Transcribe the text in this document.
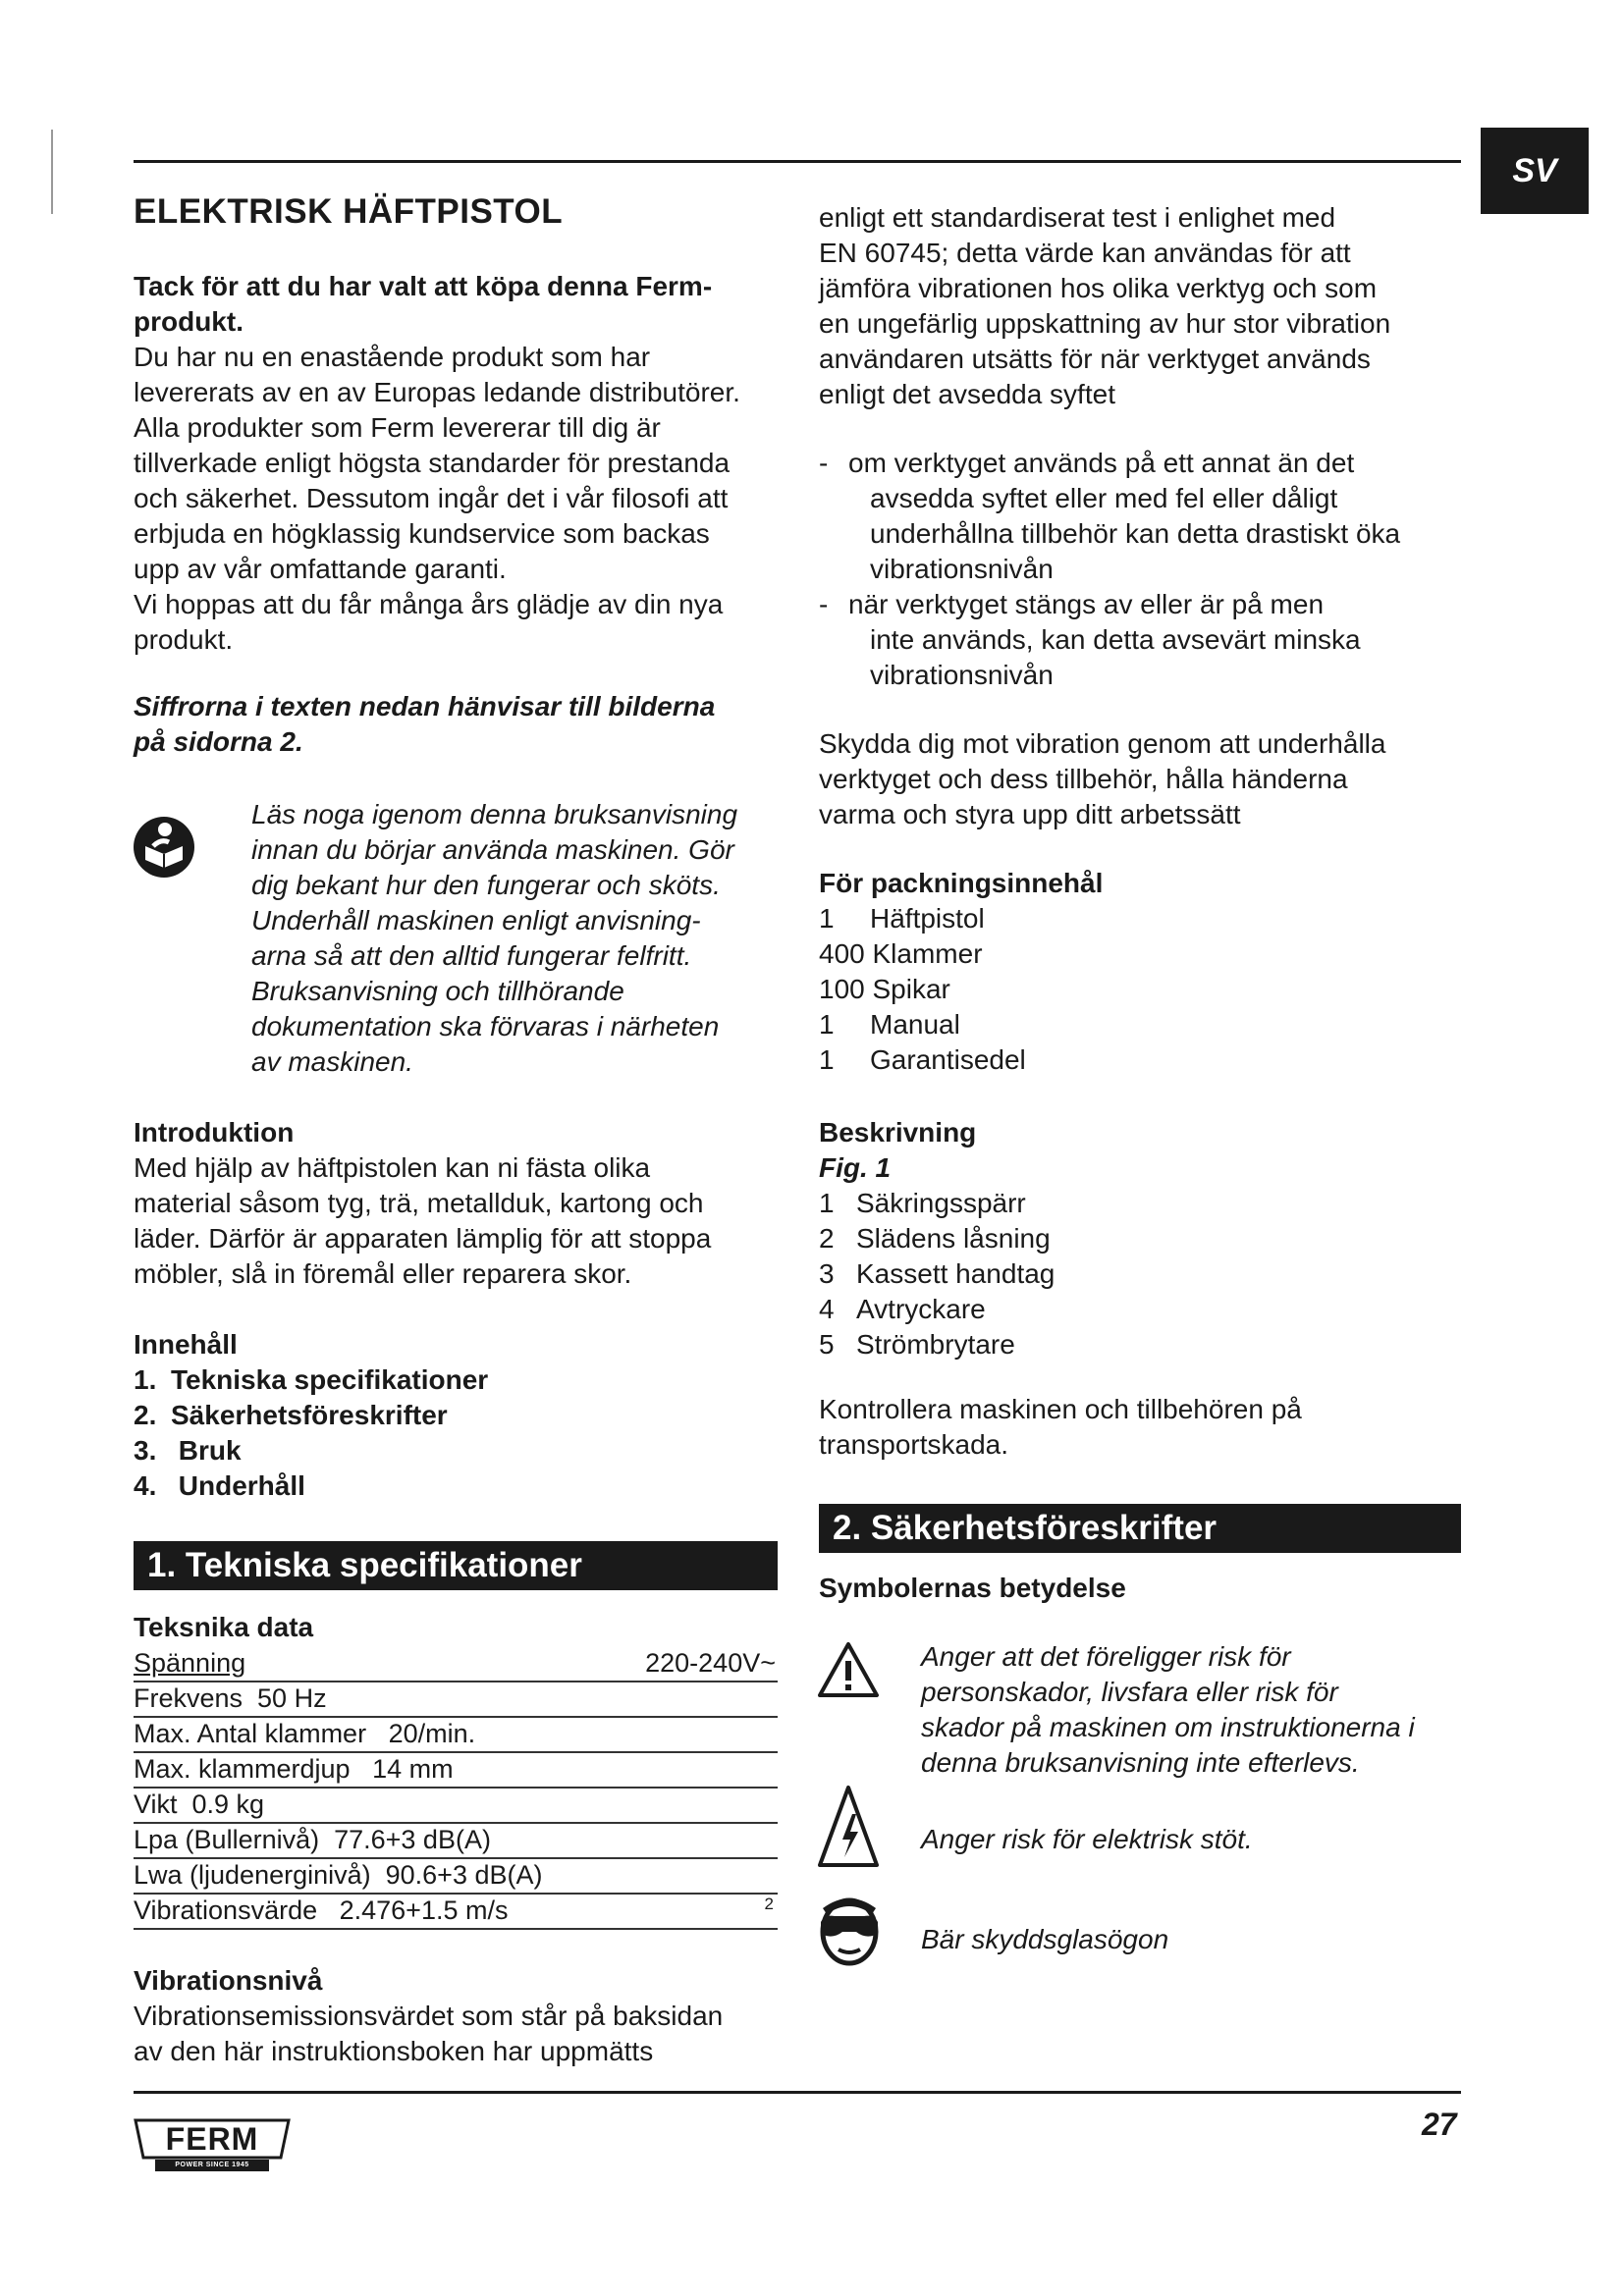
SV
ELEKTRISK HÄFTPISTOL

Tack för att du har valt att köpa denna Ferm-

produkt.

Du har nu en enastående produkt som har

levererats av en av Europas ledande distributörer.

Alla produkter som Ferm levererar till dig är

tillverkade enligt högsta standarder för prestanda

och säkerhet. Dessutom ingår det i vår filosofi att

erbjuda en högklassig kundservice som backas

upp av vår omfattande garanti.

Vi hoppas att du får många års glädje av din nya

produkt.

Siffrorna i texten nedan hänvisar till bilderna

på sidorna 2.

Läs noga igenom denna bruksanvisning

innan du börjar använda maskinen. Gör

dig bekant hur den fungerar och sköts.

Underhåll maskinen enligt anvisning-

arna så att den alltid fungerar felfritt.

Bruksanvisning och tillhörande

dokumentation ska förvaras i närheten

av maskinen.

Introduktion

Med hjälp av häftpistolen kan ni fästa olika

material såsom tyg, trä, metallduk, kartong och

läder. Därför är apparaten lämplig för att stoppa

möbler, slå in föremål eller reparera skor.

Innehåll

1. Tekniska specifikationer
2. Säkerhetsföreskrifter
3. Bruk
4. Underhåll
1. Tekniska specifikationer

Teksnika data

Spänning	220-240V~
Frekvens  50 Hz
Max. Antal klammer   20/min.
Max. klammerdjup   14 mm
Vikt  0.9 kg
Lpa (Bullernivå)  77.6+3 dB(A)
Lwa (ljudenerginivå)  90.6+3 dB(A)
Vibrationsvärde   2.476+1.5 m/s	2

Vibrationsnivå

Vibrationsemissionsvärdet som står på baksidan

av den här instruktionsboken har uppmätts

enligt ett standardiserat test i enlighet med

EN 60745; detta värde kan användas för att

jämföra vibrationen hos olika verktyg och som

en ungefärlig uppskattning av hur stor vibration

användaren utsätts för när verktyget används

enligt det avsedda syftet

- om verktyget används på ett annat än det

avsedda syftet eller med fel eller dåligt

underhållna tillbehör kan detta drastiskt öka

vibrationsnivån

- när verktyget stängs av eller är på men

inte används, kan detta avsevärt minska

vibrationsnivån

Skydda dig mot vibration genom att underhålla

verktyget och dess tillbehör, hålla händerna

varma och styra upp ditt arbetssätt

För packningsinnehål

1 Häftpistol
400 Klammer
100 Spikar
1 Manual
1 Garantisedel

Beskrivning

Fig. 1

1 Säkringsspärr
2 Slädens låsning
3 Kassett handtag
4 Avtryckare
5 Strömbrytare

Kontrollera maskinen och tillbehören på

transportskada.

2. Säkerhetsföreskrifter

Symbolernas betydelse

Anger att det föreligger risk för

personskador, livsfara eller risk för

skador på maskinen om instruktionerna i

denna bruksanvisning inte efterlevs.

Anger risk för elektrisk stöt.

Bär skyddsglasögon

FERM
POWER SINCE 1945
27
